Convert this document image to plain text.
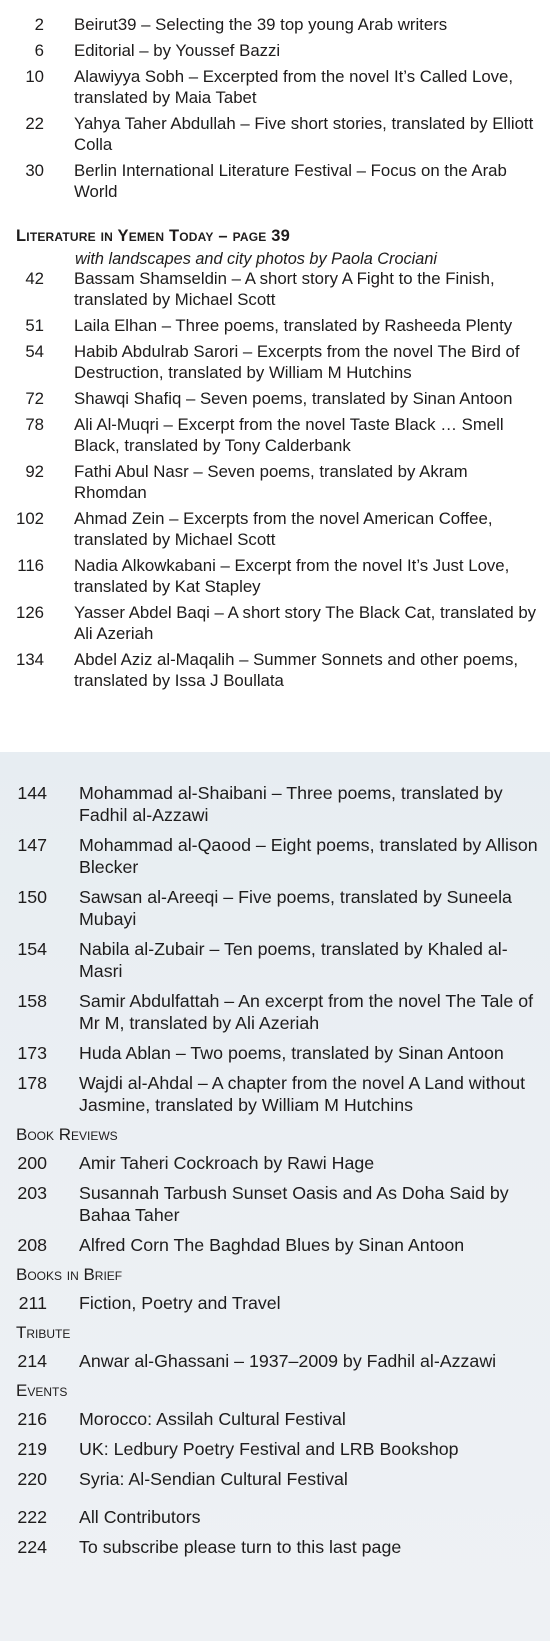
2	Beirut39 – Selecting the 39 top young Arab writers
6	Editorial – by Youssef Bazzi
10	Alawiyya Sobh – Excerpted from the novel It’s Called Love, translated by Maia Tabet
22	Yahya Taher Abdullah – Five short stories, translated by Elliott Colla
30	Berlin International Literature Festival – Focus on the Arab World
Literature in Yemen Today – page 39
with landscapes and city photos by Paola Crociani
42	Bassam Shamseldin – A short story A Fight to the Finish, translated by Michael Scott
51	Laila Elhan – Three poems, translated by Rasheeda Plenty
54	Habib Abdulrab Sarori – Excerpts from the novel The Bird of Destruction, translated by William M Hutchins
72	Shawqi Shafiq – Seven poems, translated by Sinan Antoon
78	Ali Al-Muqri – Excerpt from the novel Taste Black … Smell Black, translated by Tony Calderbank
92	Fathi Abul Nasr – Seven poems, translated by Akram Rhomdan
102	Ahmad Zein – Excerpts from the novel American Coffee, translated by Michael Scott
116	Nadia Alkowkabani – Excerpt from the novel It’s Just Love, translated by Kat Stapley
126	Yasser Abdel Baqi – A short story The Black Cat, translated by Ali Azeriah
134	Abdel Aziz al-Maqalih – Summer Sonnets and other poems, translated by Issa J Boullata
144	Mohammad al-Shaibani – Three poems, translated by Fadhil al-Azzawi
147	Mohammad al-Qaood – Eight poems, translated by Allison Blecker
150	Sawsan al-Areeqi – Five poems, translated by Suneela Mubayi
154	Nabila al-Zubair – Ten poems, translated by Khaled al-Masri
158	Samir Abdulfattah – An excerpt from the novel The Tale of Mr M, translated by Ali Azeriah
173	Huda Ablan – Two poems, translated by Sinan Antoon
178	Wajdi al-Ahdal – A chapter from the novel A Land without Jasmine, translated by William M Hutchins
Book Reviews
200	Amir Taheri Cockroach by Rawi Hage
203	Susannah Tarbush Sunset Oasis and As Doha Said by Bahaa Taher
208	Alfred Corn The Baghdad Blues by Sinan Antoon
Books in Brief
211	Fiction, Poetry and Travel
Tribute
214	Anwar al-Ghassani – 1937–2009 by Fadhil al-Azzawi
Events
216	Morocco: Assilah Cultural Festival
219	UK: Ledbury Poetry Festival and LRB Bookshop
220	Syria: Al-Sendian Cultural Festival
222	All Contributors
224	To subscribe please turn to this last page
